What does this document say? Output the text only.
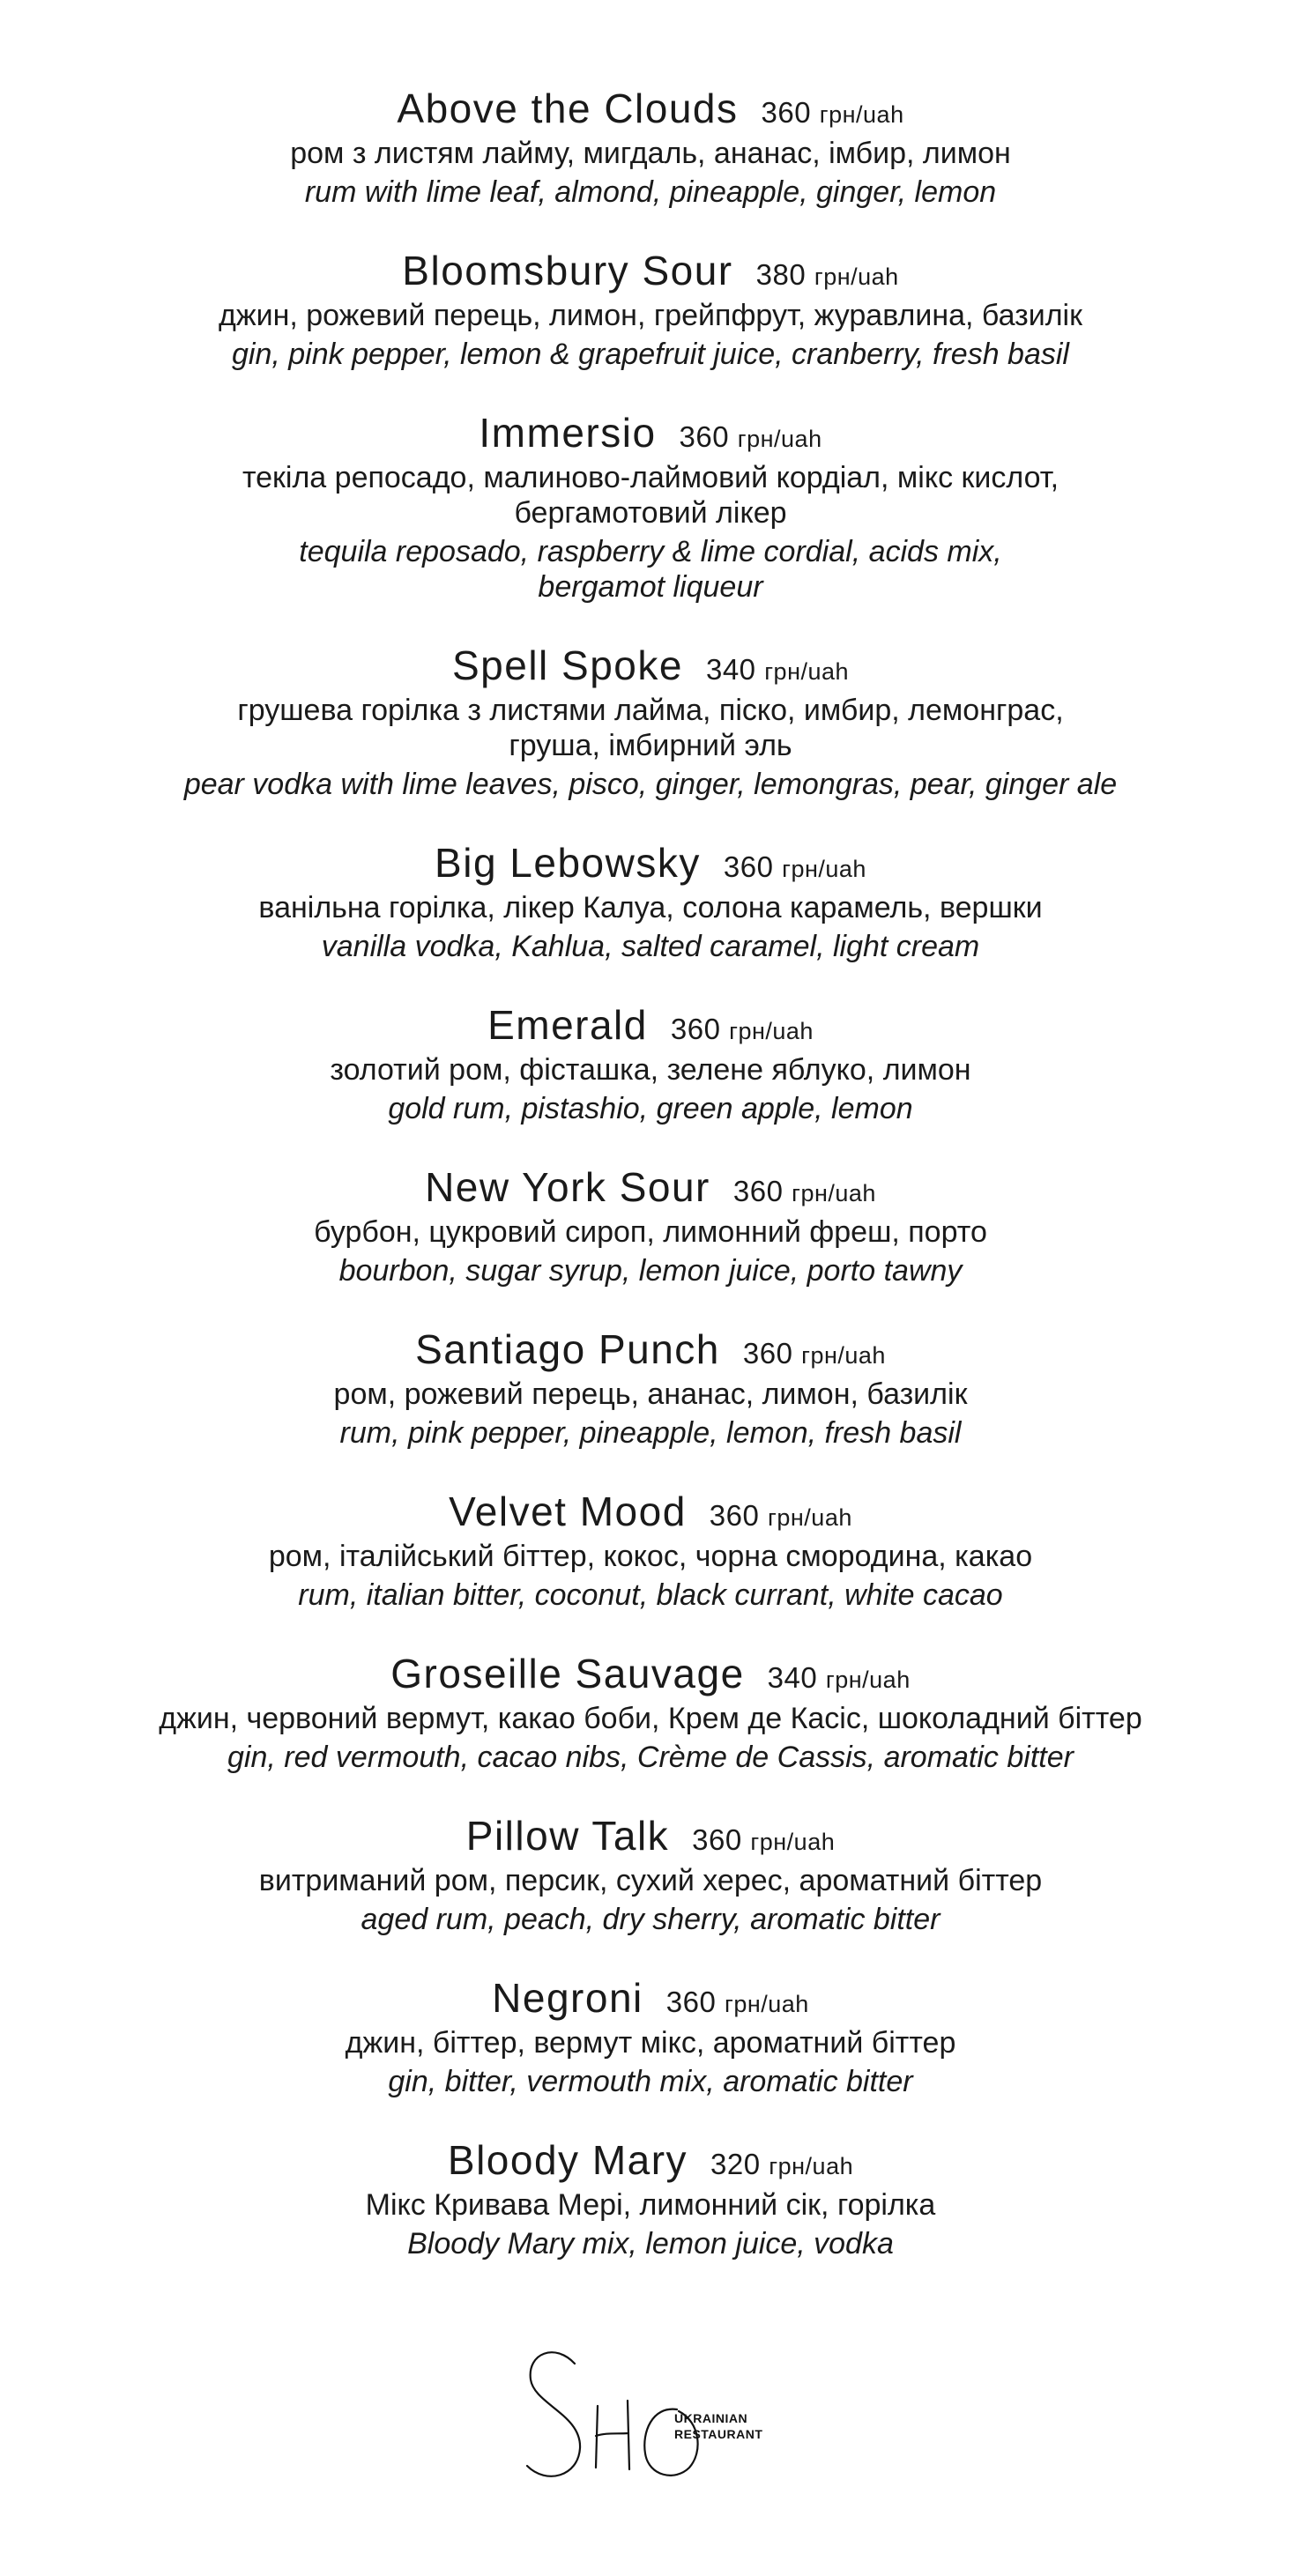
Above the Clouds 360 грн/uah
ром з листям лайму, мигдаль, ананас, імбир, лимон
rum with lime leaf, almond, pineapple, ginger, lemon
Bloomsbury Sour 380 грн/uah
джин, рожевий перець, лимон, грейпфрут, журавлина, базилік
gin, pink pepper, lemon & grapefruit juice, cranberry, fresh basil
Immersio 360 грн/uah
текіла репосадо, малиново-лаймовий кордіал, мікс кислот,
бергамотовий лікер
tequila reposado, raspberry & lime cordial, acids mix,
bergamot liqueur
Spell Spoke 340 грн/uah
грушева горілка з листями лайма, піско, имбир, лемонграс,
груша, імбирний эль
pear vodka with lime leaves, pisco, ginger, lemongras, pear, ginger ale
Big Lebowsky 360 грн/uah
ванільна горілка, лікер Калуа, солона карамель, вершки
vanilla vodka, Kahlua, salted caramel, light cream
Emerald 360 грн/uah
золотий ром, фісташка, зелене яблуко, лимон
gold rum, pistashio, green apple, lemon
New York Sour 360 грн/uah
бурбон, цукровий сироп, лимонний фреш, порто
bourbon, sugar syrup, lemon juice, porto tawny
Santiago Punch 360 грн/uah
ром, рожевий перець, ананас, лимон, базилік
rum, pink pepper, pineapple, lemon, fresh basil
Velvet Mood 360 грн/uah
ром, італійський біттер, кокос, чорна смородина, какао
rum, italian bitter, coconut, black currant, white cacao
Groseille Sauvage 340 грн/uah
джин, червоний вермут, какао боби, Крем де Касіс, шоколадний біттер
gin, red vermouth, cacao nibs, Crème de Cassis, aromatic bitter
Pillow Talk 360 грн/uah
витриманий ром, персик, сухий херес, ароматний біттер
aged rum, peach, dry sherry, aromatic bitter
Negroni 360 грн/uah
джин, біттер, вермут мікс, ароматний біттер
gin, bitter, vermouth mix, aromatic bitter
Bloody Mary 320 грн/uah
Мікс Кривава Мері, лимонний сік, горілка
Bloody Mary mix, lemon juice, vodka
UKRAINIAN
RESTAURANT
